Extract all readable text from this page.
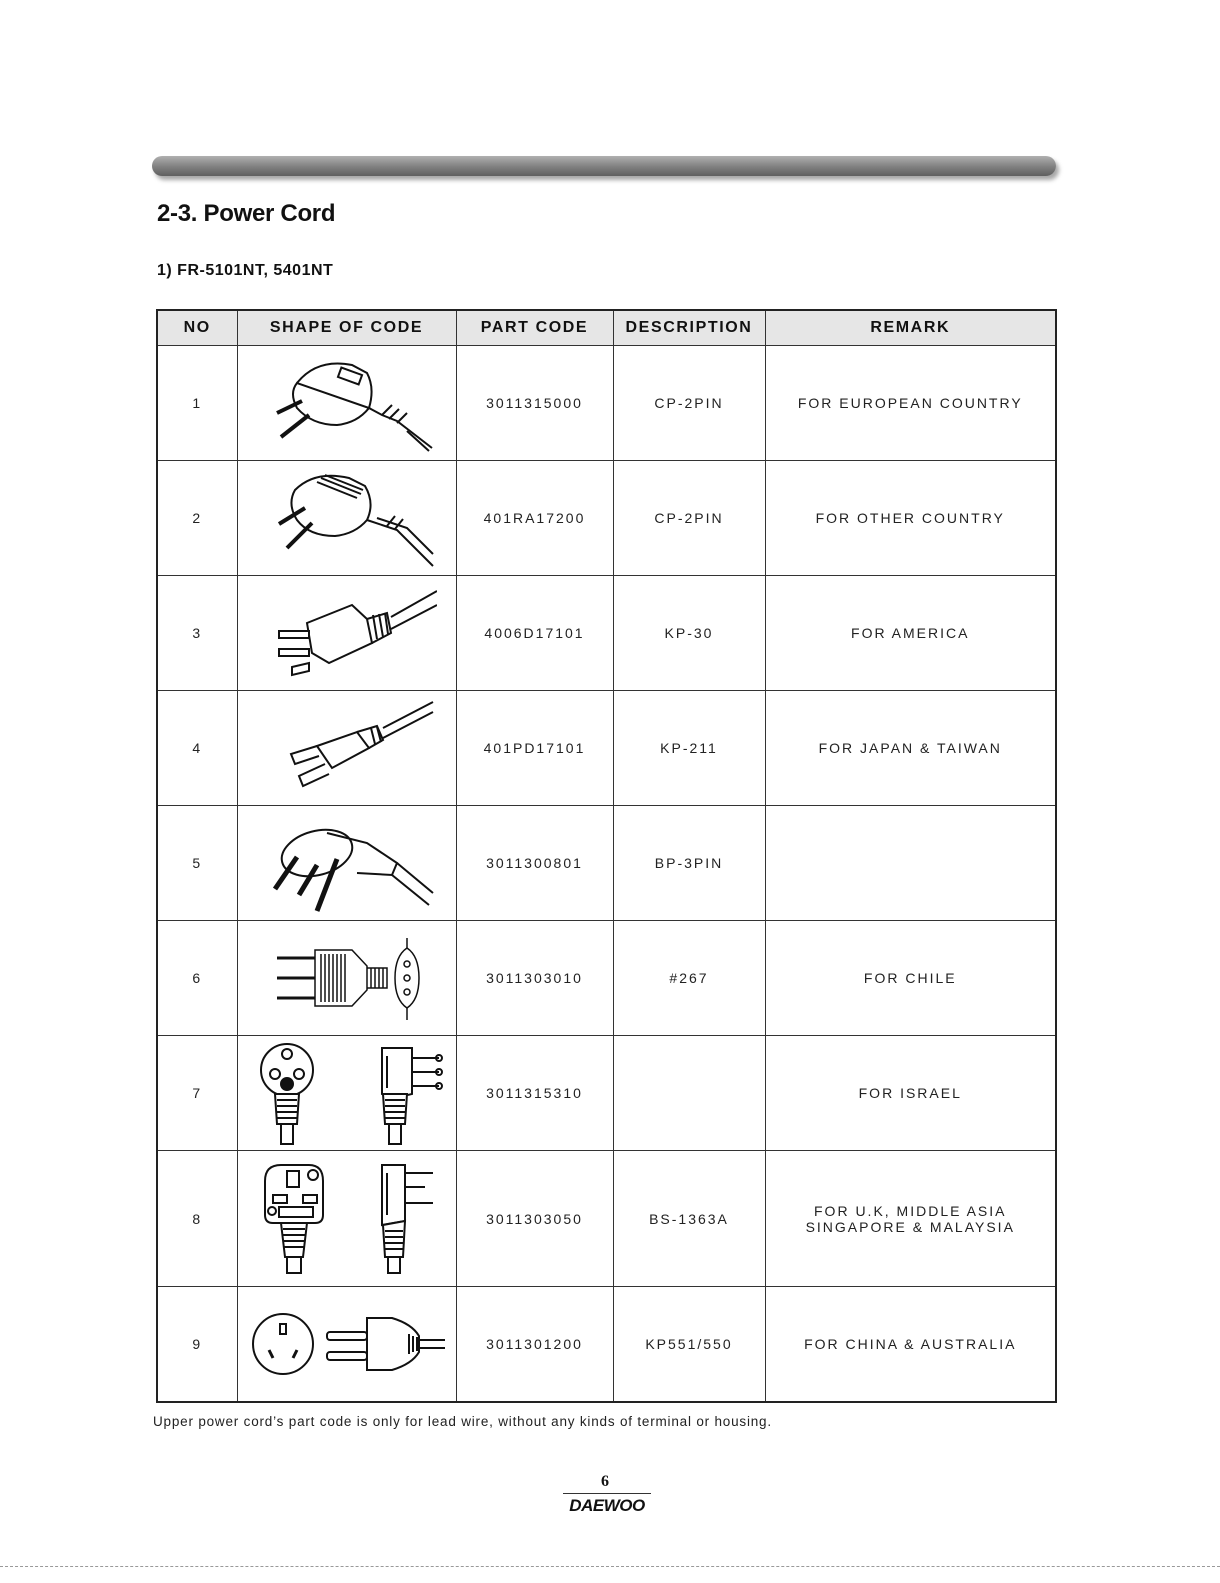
2-3. Power Cord
1) FR-5101NT, 5401NT
NO	SHAPE OF CODE	PART CODE	DESCRIPTION	REMARK
1		3011315000	CP-2PIN	FOR EUROPEAN COUNTRY

2		401RA17200	CP-2PIN	FOR OTHER COUNTRY

3		4006D17101	KP-30	FOR AMERICA

4		401PD17101	KP-211	FOR JAPAN & TAIWAN

5		3011300801	BP-3PIN	

6		3011303010	#267	FOR CHILE

7		3011315310		FOR ISRAEL

8		3011303050	BS-1363A	FOR U.K, MIDDLE ASIA
SINGAPORE & MALAYSIA

9		3011301200	KP551/550	FOR CHINA & AUSTRALIA

Upper power cord’s part code is only for lead wire, without any kinds of terminal or housing.

6
DAEWOO
